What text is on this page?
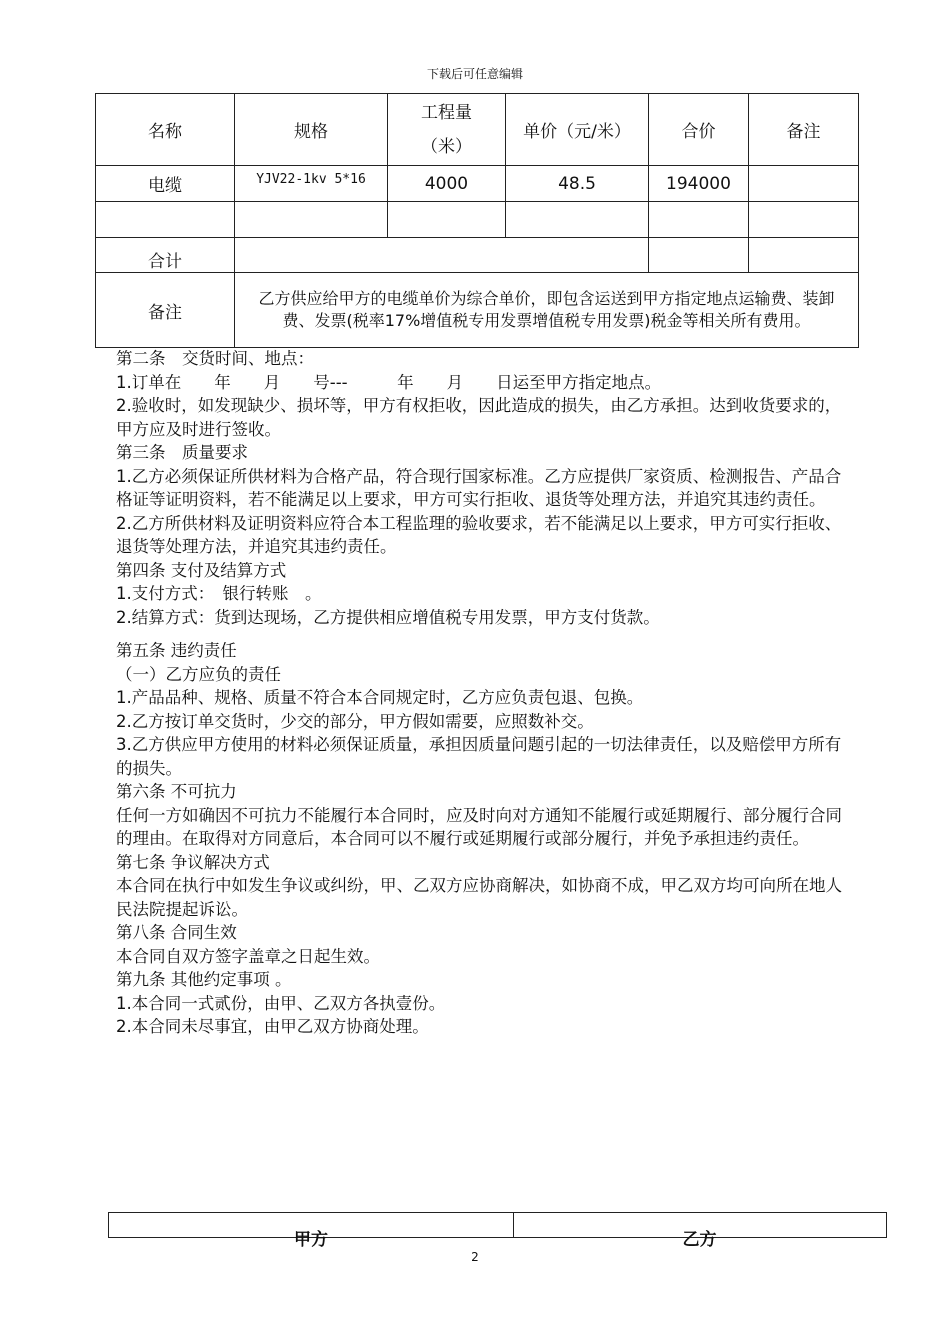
下载后可任意编辑
名称	规格	工程量（米）	单价（元/米）	合价	备注
电缆	YJV22-1kv 5*16	4000	48.5	194000	

合计					
备注	乙方供应给甲方的电缆单价为综合单价，即包含运送到甲方指定地点运输费、装卸费、发票(税率17%增值税专用发票增值税专用发票)税金等相关所有费用。				

第二条　交货时间、地点：

1.订单在　　年　　月　　号---　　　年　　月　　日运至甲方指定地点。

2.验收时，如发现缺少、损坏等，甲方有权拒收，因此造成的损失，由乙方承担。达到收货要求的，甲方应及时进行签收。

第三条　质量要求

1.乙方必须保证所供材料为合格产品，符合现行国家标准。乙方应提供厂家资质、检测报告、产品合格证等证明资料，若不能满足以上要求，甲方可实行拒收、退货等处理方法，并追究其违约责任。

2.乙方所供材料及证明资料应符合本工程监理的验收要求，若不能满足以上要求，甲方可实行拒收、退货等处理方法，并追究其违约责任。

第四条 支付及结算方式

1.支付方式：　银行转账　。

2.结算方式：货到达现场，乙方提供相应增值税专用发票，甲方支付货款。

第五条 违约责任

（一）乙方应负的责任

1.产品品种、规格、质量不符合本合同规定时，乙方应负责包退、包换。

2.乙方按订单交货时，少交的部分，甲方假如需要，应照数补交。

3.乙方供应甲方使用的材料必须保证质量，承担因质量问题引起的一切法律责任，以及赔偿甲方所有的损失。

第六条 不可抗力

任何一方如确因不可抗力不能履行本合同时，应及时向对方通知不能履行或延期履行、部分履行合同的理由。在取得对方同意后，本合同可以不履行或延期履行或部分履行，并免予承担违约责任。

第七条 争议解决方式

本合同在执行中如发生争议或纠纷，甲、乙双方应协商解决，如协商不成，甲乙双方均可向所在地人民法院提起诉讼。

第八条 合同生效

本合同自双方签字盖章之日起生效。

第九条 其他约定事项 。

1.本合同一式贰份，由甲、乙双方各执壹份。

2.本合同未尽事宜，由甲乙双方协商处理。

甲方	乙方
2
